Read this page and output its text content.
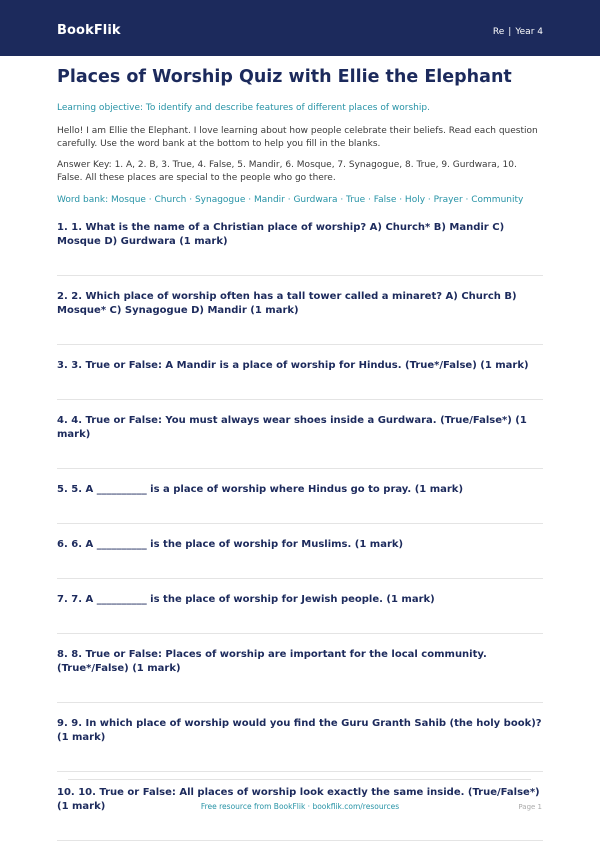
BookFlik	Re | Year 4
Places of Worship Quiz with Ellie the Elephant
Learning objective: To identify and describe features of different places of worship.
Hello! I am Ellie the Elephant. I love learning about how people celebrate their beliefs. Read each question carefully. Use the word bank at the bottom to help you fill in the blanks.
Answer Key: 1. A, 2. B, 3. True, 4. False, 5. Mandir, 6. Mosque, 7. Synagogue, 8. True, 9. Gurdwara, 10. False. All these places are special to the people who go there.
Word bank: Mosque · Church · Synagogue · Mandir · Gurdwara · True · False · Holy · Prayer · Community
1. 1. What is the name of a Christian place of worship? A) Church* B) Mandir C) Mosque D) Gurdwara (1 mark)
2. 2. Which place of worship often has a tall tower called a minaret? A) Church B) Mosque* C) Synagogue D) Mandir (1 mark)
3. 3. True or False: A Mandir is a place of worship for Hindus. (True*/False) (1 mark)
4. 4. True or False: You must always wear shoes inside a Gurdwara. (True/False*) (1 mark)
5. 5. A __________ is a place of worship where Hindus go to pray. (1 mark)
6. 6. A __________ is the place of worship for Muslims. (1 mark)
7. 7. A __________ is the place of worship for Jewish people. (1 mark)
8. 8. True or False: Places of worship are important for the local community. (True*/False) (1 mark)
9. 9. In which place of worship would you find the Guru Granth Sahib (the holy book)? (1 mark)
10. 10. True or False: All places of worship look exactly the same inside. (True/False*) (1 mark)	Free resource from BookFlik · bookflik.com/resources	Page 1
